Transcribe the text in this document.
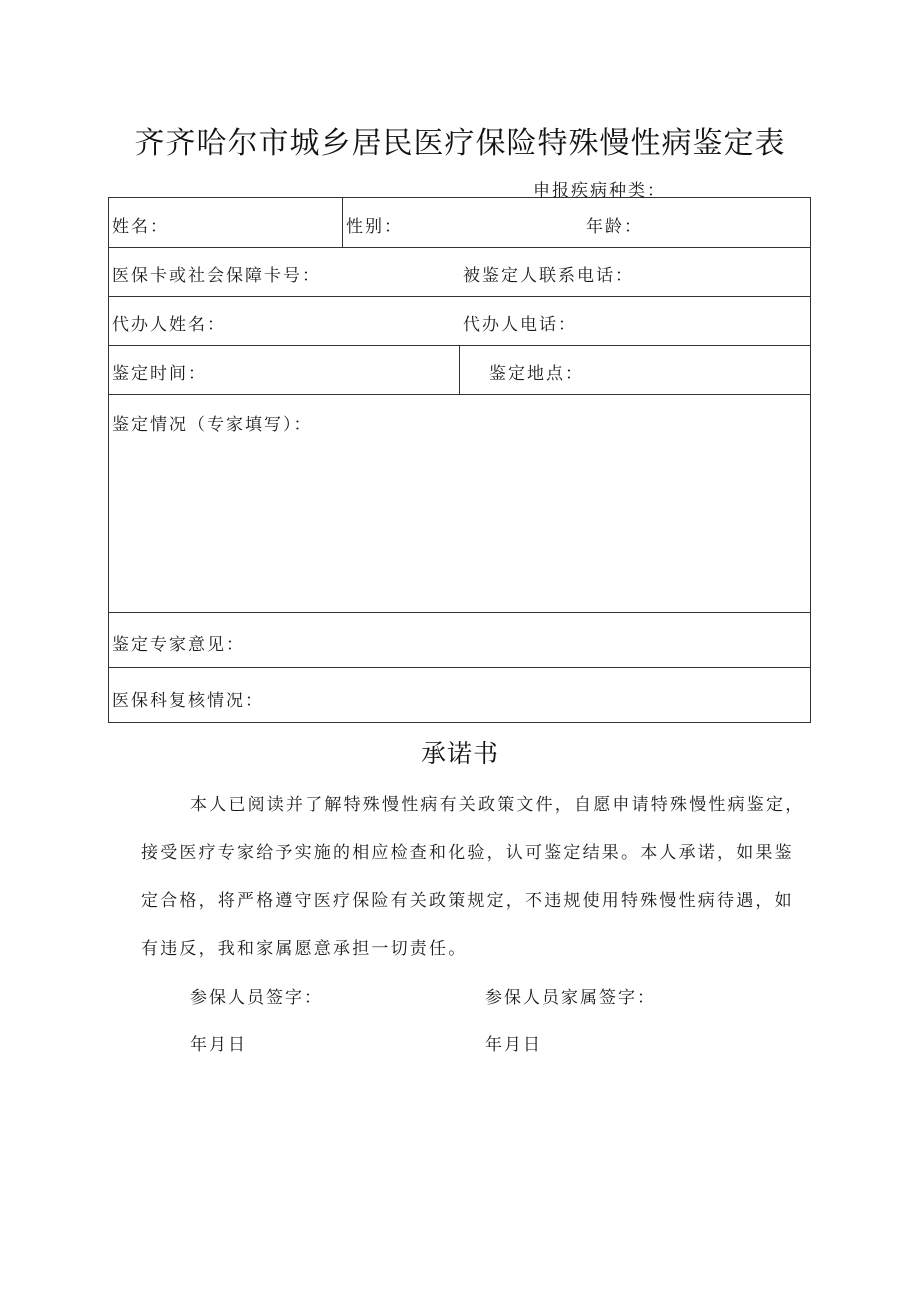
齐齐哈尔市城乡居民医疗保险特殊慢性病鉴定表
申报疾病种类：
姓名：	性别：	年龄：
医保卡或社会保障卡号：	被鉴定人联系电话：
代办人姓名：	代办人电话：
鉴定时间：	鉴定地点：
鉴定情况（专家填写）：
鉴定专家意见：
医保科复核情况：
承诺书
本人已阅读并了解特殊慢性病有关政策文件，自愿申请特殊慢性病鉴定，
接受医疗专家给予实施的相应检查和化验，认可鉴定结果。本人承诺，如果鉴
定合格，将严格遵守医疗保险有关政策规定，不违规使用特殊慢性病待遇，如
有违反，我和家属愿意承担一切责任。
参保人员签字：	参保人员家属签字：
年月日	年月日
